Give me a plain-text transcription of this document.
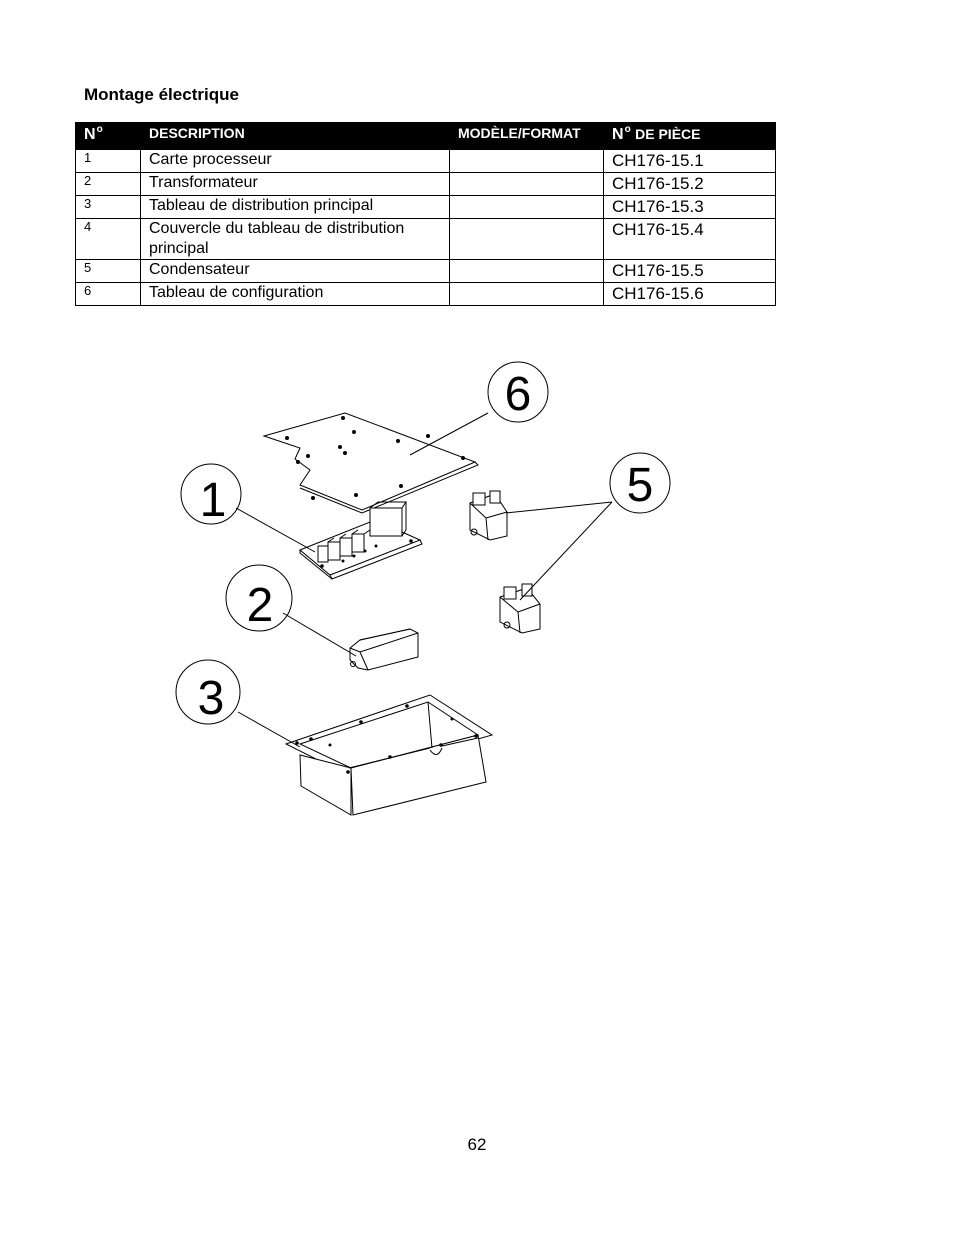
Montage électrique
$N^o$	DESCRIPTION	MODÈLE/FORMAT	$N^o$ DE PIÈCE
1	Carte processeur		CH176-15.1
2	Transformateur		CH176-15.2
3	Tableau de distribution principal		CH176-15.3
4	Couvercle du tableau de distribution principal		CH176-15.4
5	Condensateur		CH176-15.5
6	Tableau de configuration		CH176-15.6
6
1	5
2
3
62
